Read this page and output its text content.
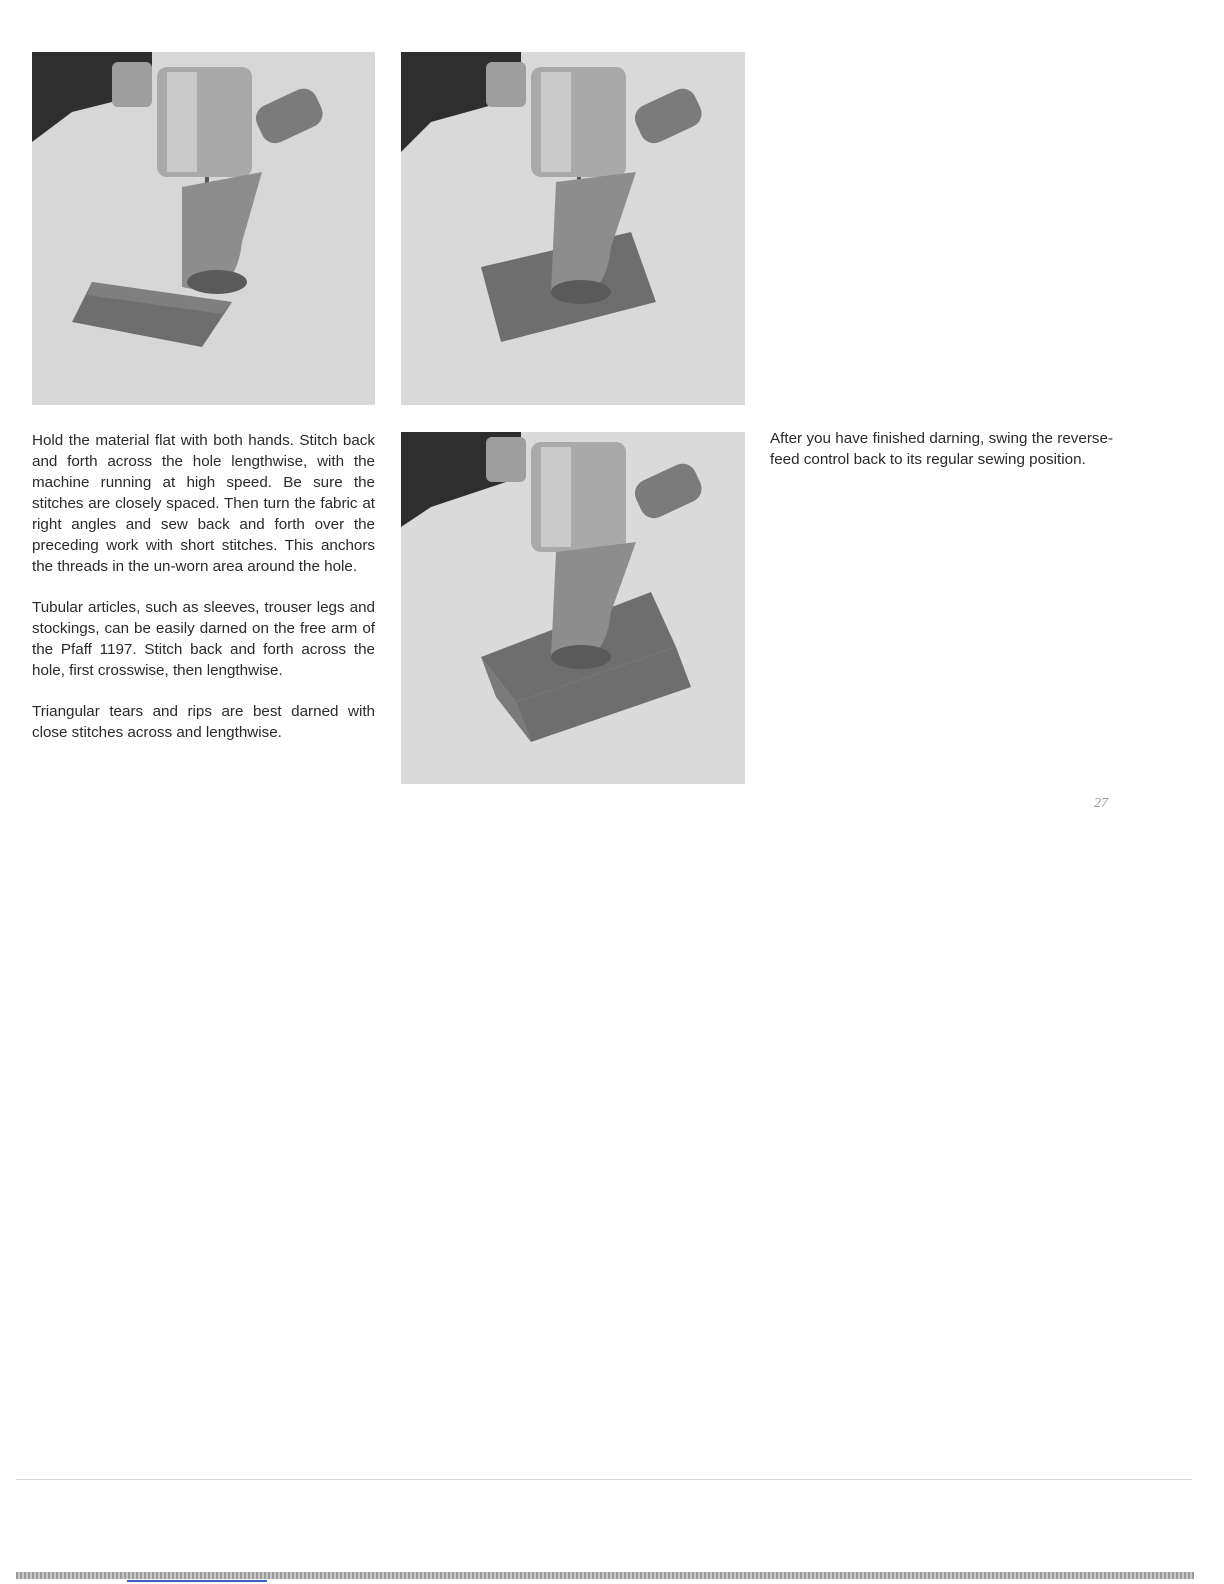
Hold the material flat with both hands. Stitch back and forth across the hole lengthwise, with the machine running at high speed. Be sure the stitches are closely spaced. Then turn the fabric at right angles and sew back and forth over the preceding work with short stitches. This anchors the threads in the un-worn area around the hole.

Tubular articles, such as sleeves, trouser legs and stockings, can be easily darned on the free arm of the Pfaff 1197. Stitch back and forth across the hole, first crosswise, then lengthwise.

Triangular tears and rips are best darned with close stitches across and lengthwise.

After you have finished darning, swing the reverse-feed control back to its regular sewing position.

27
